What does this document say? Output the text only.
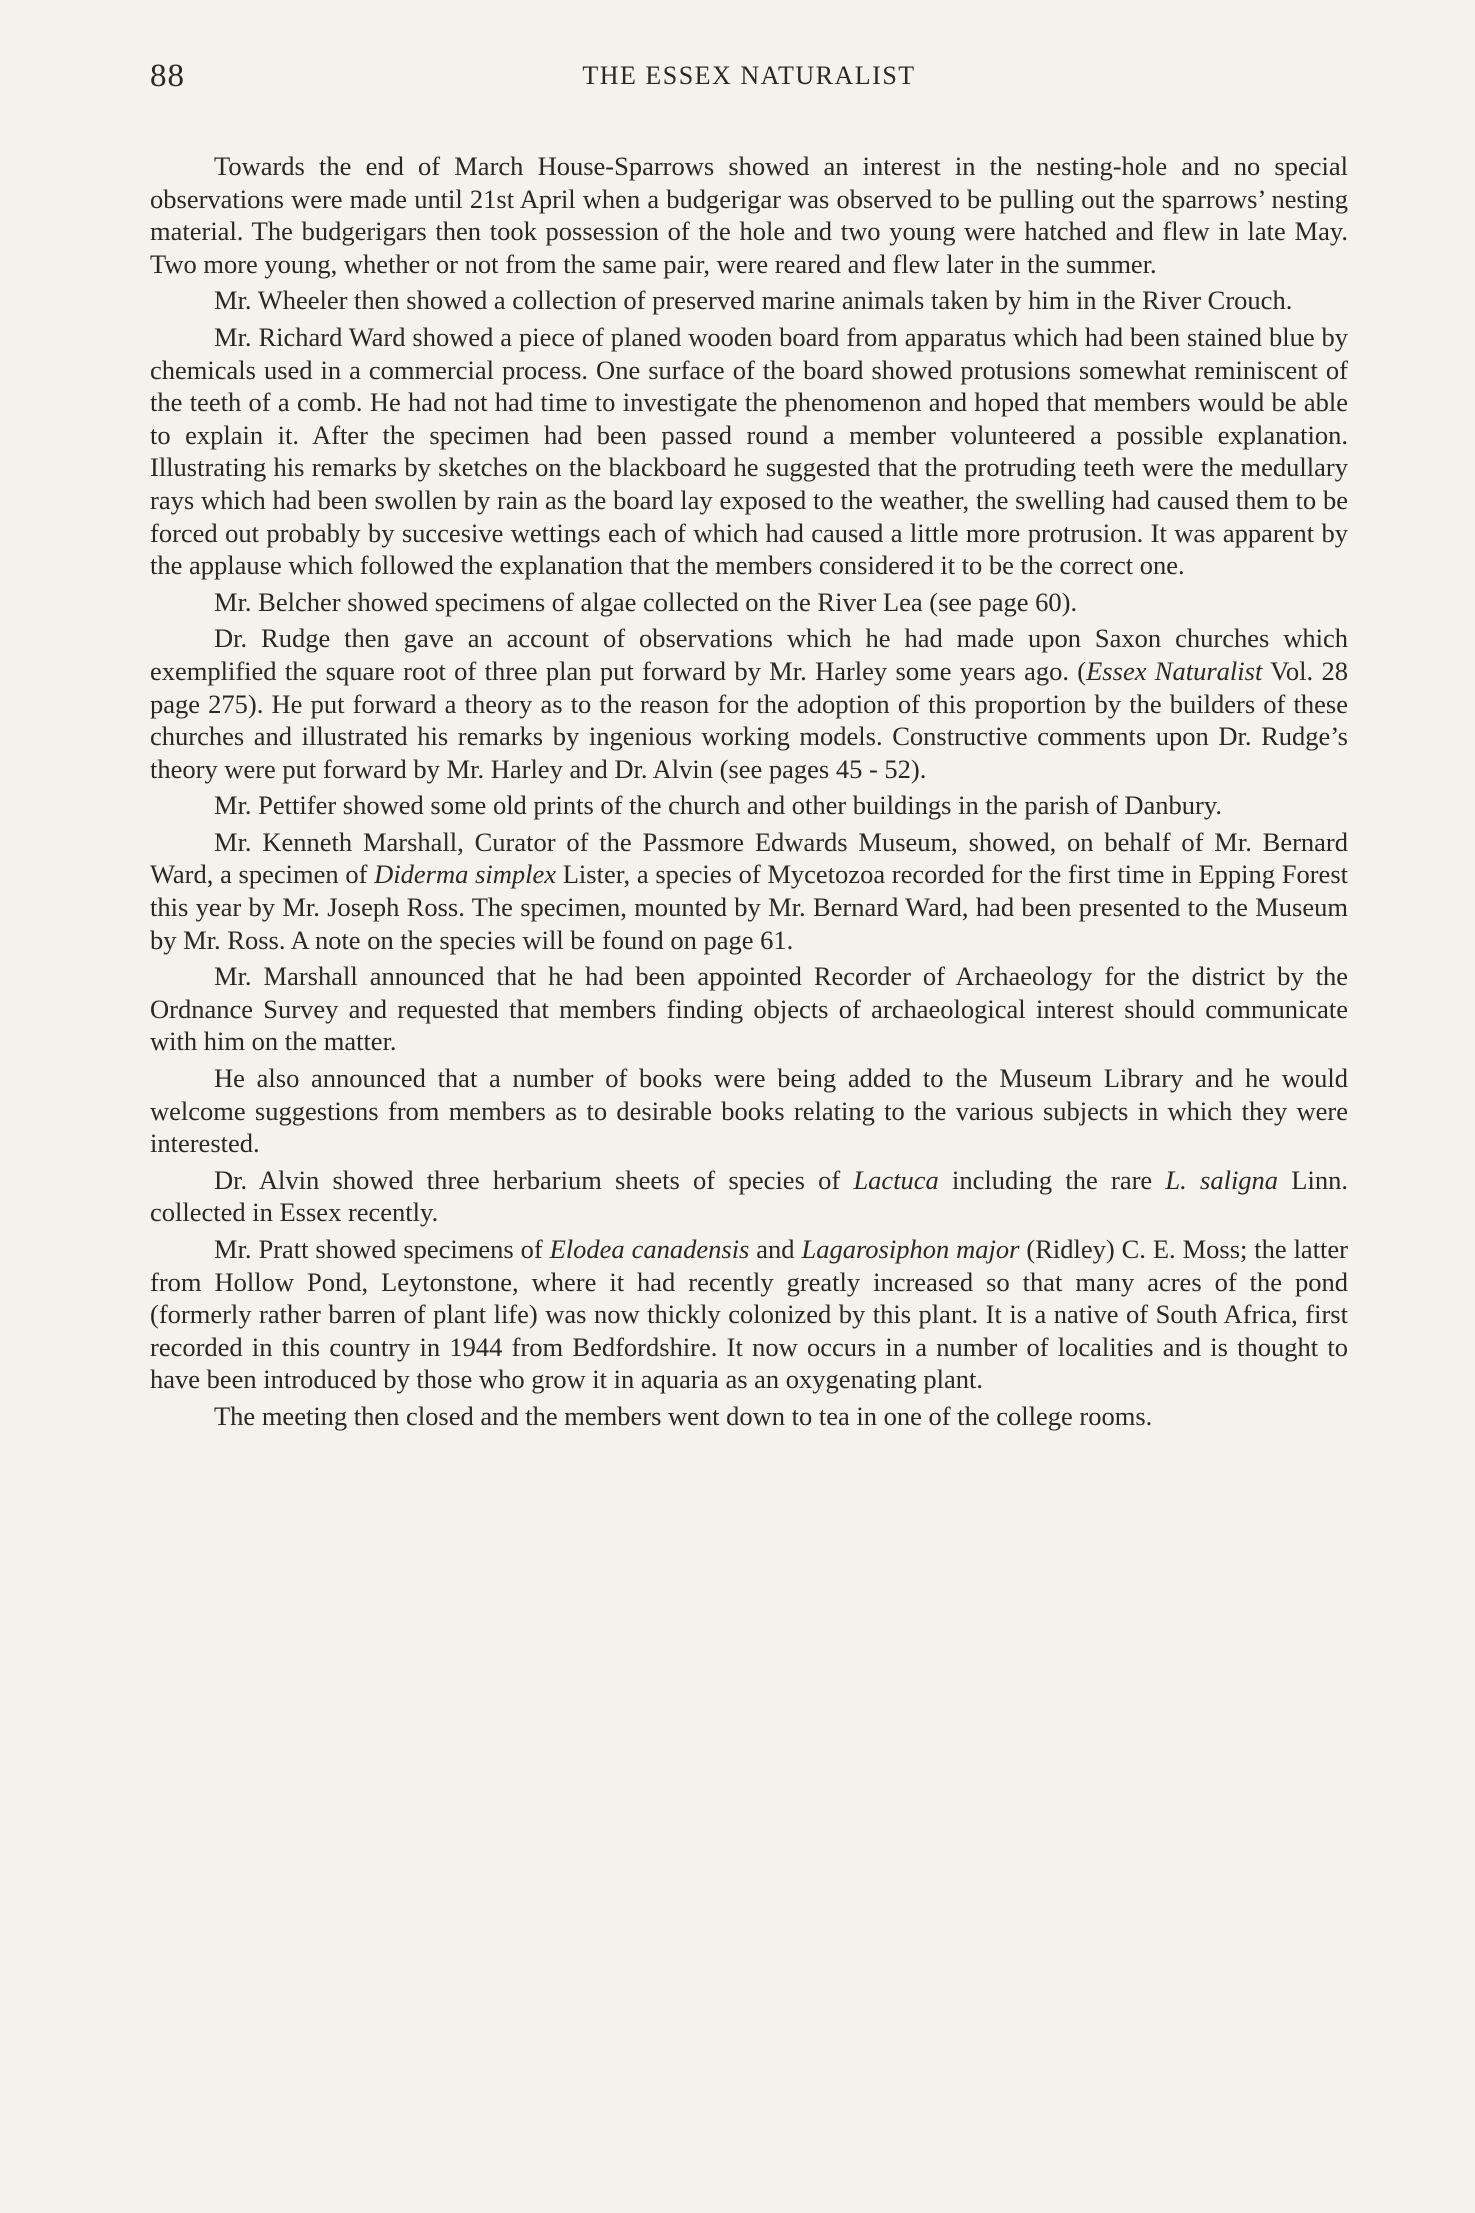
88	THE ESSEX NATURALIST

Towards the end of March House-Sparrows showed an interest in the nesting-hole and no special observations were made until 21st April when a budgerigar was observed to be pulling out the sparrows’ nesting material. The budgerigars then took possession of the hole and two young were hatched and flew in late May. Two more young, whether or not from the same pair, were reared and flew later in the summer.

Mr. Wheeler then showed a collection of preserved marine animals taken by him in the River Crouch.

Mr. Richard Ward showed a piece of planed wooden board from apparatus which had been stained blue by chemicals used in a commercial process. One surface of the board showed protusions somewhat reminiscent of the teeth of a comb. He had not had time to investigate the phenomenon and hoped that members would be able to explain it. After the specimen had been passed round a member volunteered a possible explanation. Illustrating his remarks by sketches on the blackboard he suggested that the protruding teeth were the medullary rays which had been swollen by rain as the board lay exposed to the weather, the swelling had caused them to be forced out probably by succesive wettings each of which had caused a little more protrusion. It was apparent by the applause which followed the explanation that the members considered it to be the correct one.

Mr. Belcher showed specimens of algae collected on the River Lea (see page 60).

Dr. Rudge then gave an account of observations which he had made upon Saxon churches which exemplified the square root of three plan put forward by Mr. Harley some years ago. (Essex Naturalist Vol. 28 page 275). He put forward a theory as to the reason for the adoption of this proportion by the builders of these churches and illustrated his remarks by ingenious working models. Constructive comments upon Dr. Rudge’s theory were put forward by Mr. Harley and Dr. Alvin (see pages 45 - 52).

Mr. Pettifer showed some old prints of the church and other buildings in the parish of Danbury.

Mr. Kenneth Marshall, Curator of the Passmore Edwards Museum, showed, on behalf of Mr. Bernard Ward, a specimen of Diderma simplex Lister, a species of Mycetozoa recorded for the first time in Epping Forest this year by Mr. Joseph Ross. The specimen, mounted by Mr. Bernard Ward, had been presented to the Museum by Mr. Ross. A note on the species will be found on page 61.

Mr. Marshall announced that he had been appointed Recorder of Archaeology for the district by the Ordnance Survey and requested that members finding objects of archaeological interest should communicate with him on the matter.

He also announced that a number of books were being added to the Museum Library and he would welcome suggestions from members as to desirable books relating to the various subjects in which they were interested.

Dr. Alvin showed three herbarium sheets of species of Lactuca including the rare L. saligna Linn. collected in Essex recently.

Mr. Pratt showed specimens of Elodea canadensis and Lagarosiphon major (Ridley) C. E. Moss; the latter from Hollow Pond, Leytonstone, where it had recently greatly increased so that many acres of the pond (formerly rather barren of plant life) was now thickly colonized by this plant. It is a native of South Africa, first recorded in this country in 1944 from Bedfordshire. It now occurs in a number of localities and is thought to have been introduced by those who grow it in aquaria as an oxygenating plant.

The meeting then closed and the members went down to tea in one of the college rooms.
